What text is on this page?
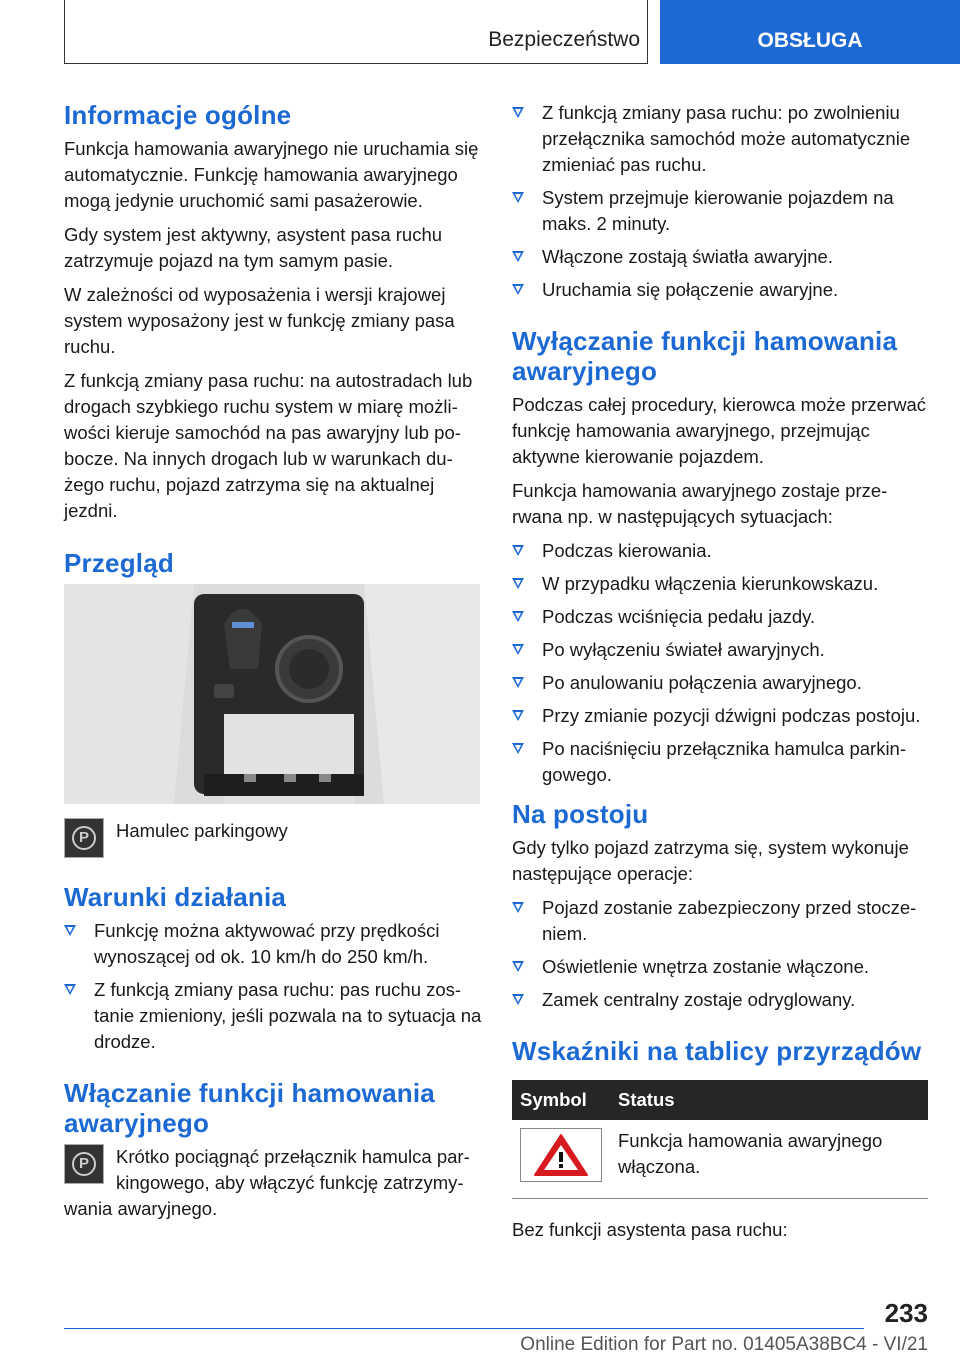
Bezpieczeństwo	OBSŁUGA
Informacje ogólne

Funkcja hamowania awaryjnego nie uruchamia się automatycznie. Funkcję hamowania awaryjnego mogą jedynie uruchomić sami pasażerowie.

Gdy system jest aktywny, asystent pasa ruchu zatrzymuje pojazd na tym samym pasie.

W zależności od wyposażenia i wersji krajowej system wyposażony jest w funkcję zmiany pasa ruchu.

Z funkcją zmiany pasa ruchu: na autostradach lub drogach szybkiego ruchu system w miarę możliwości kieruje samochód na pas awaryjny lub pobocze. Na innych drogach lub w warunkach dużego ruchu, pojazd zatrzyma się na aktualnej jezdni.

Przegląd
P	Hamulec parkingowy
Warunki działania
Funkcję można aktywować przy prędkości wynoszącej od ok. 10 km/h do 250 km/h.
Z funkcją zmiany pasa ruchu: pas ruchu zostanie zmieniony, jeśli pozwala na to sytuacja na drodze.
Włączanie funkcji hamowania awaryjnego

P	Krótko pociągnąć przełącznik hamulca parkingowego, aby włączyć funkcję zatrzymywania awaryjnego.

Z funkcją zmiany pasa ruchu: po zwolnieniu przełącznika samochód może automatycznie zmieniać pas ruchu.
System przejmuje kierowanie pojazdem na maks. 2 minuty.
Włączone zostają światła awaryjne.
Uruchamia się połączenie awaryjne.
Wyłączanie funkcji hamowania awaryjnego

Podczas całej procedury, kierowca może przerwać funkcję hamowania awaryjnego, przejmując aktywne kierowanie pojazdem.

Funkcja hamowania awaryjnego zostaje przerwana np. w następujących sytuacjach:

Podczas kierowania.
W przypadku włączenia kierunkowskazu.
Podczas wciśnięcia pedału jazdy.
Po wyłączeniu świateł awaryjnych.
Po anulowaniu połączenia awaryjnego.
Przy zmianie pozycji dźwigni podczas postoju.
Po naciśnięciu przełącznika hamulca parkingowego.
Na postoju

Gdy tylko pojazd zatrzyma się, system wykonuje następujące operacje:

Pojazd zostanie zabezpieczony przed stoczeniem.
Oświetlenie wnętrza zostanie włączone.
Zamek centralny zostaje odryglowany.
Wskaźniki na tablicy przyrządów
Symbol	Status

	Funkcja hamowania awaryjnego włączona.

Bez funkcji asystenta pasa ruchu:

233
Online Edition for Part no. 01405A38BC4 - VI/21
